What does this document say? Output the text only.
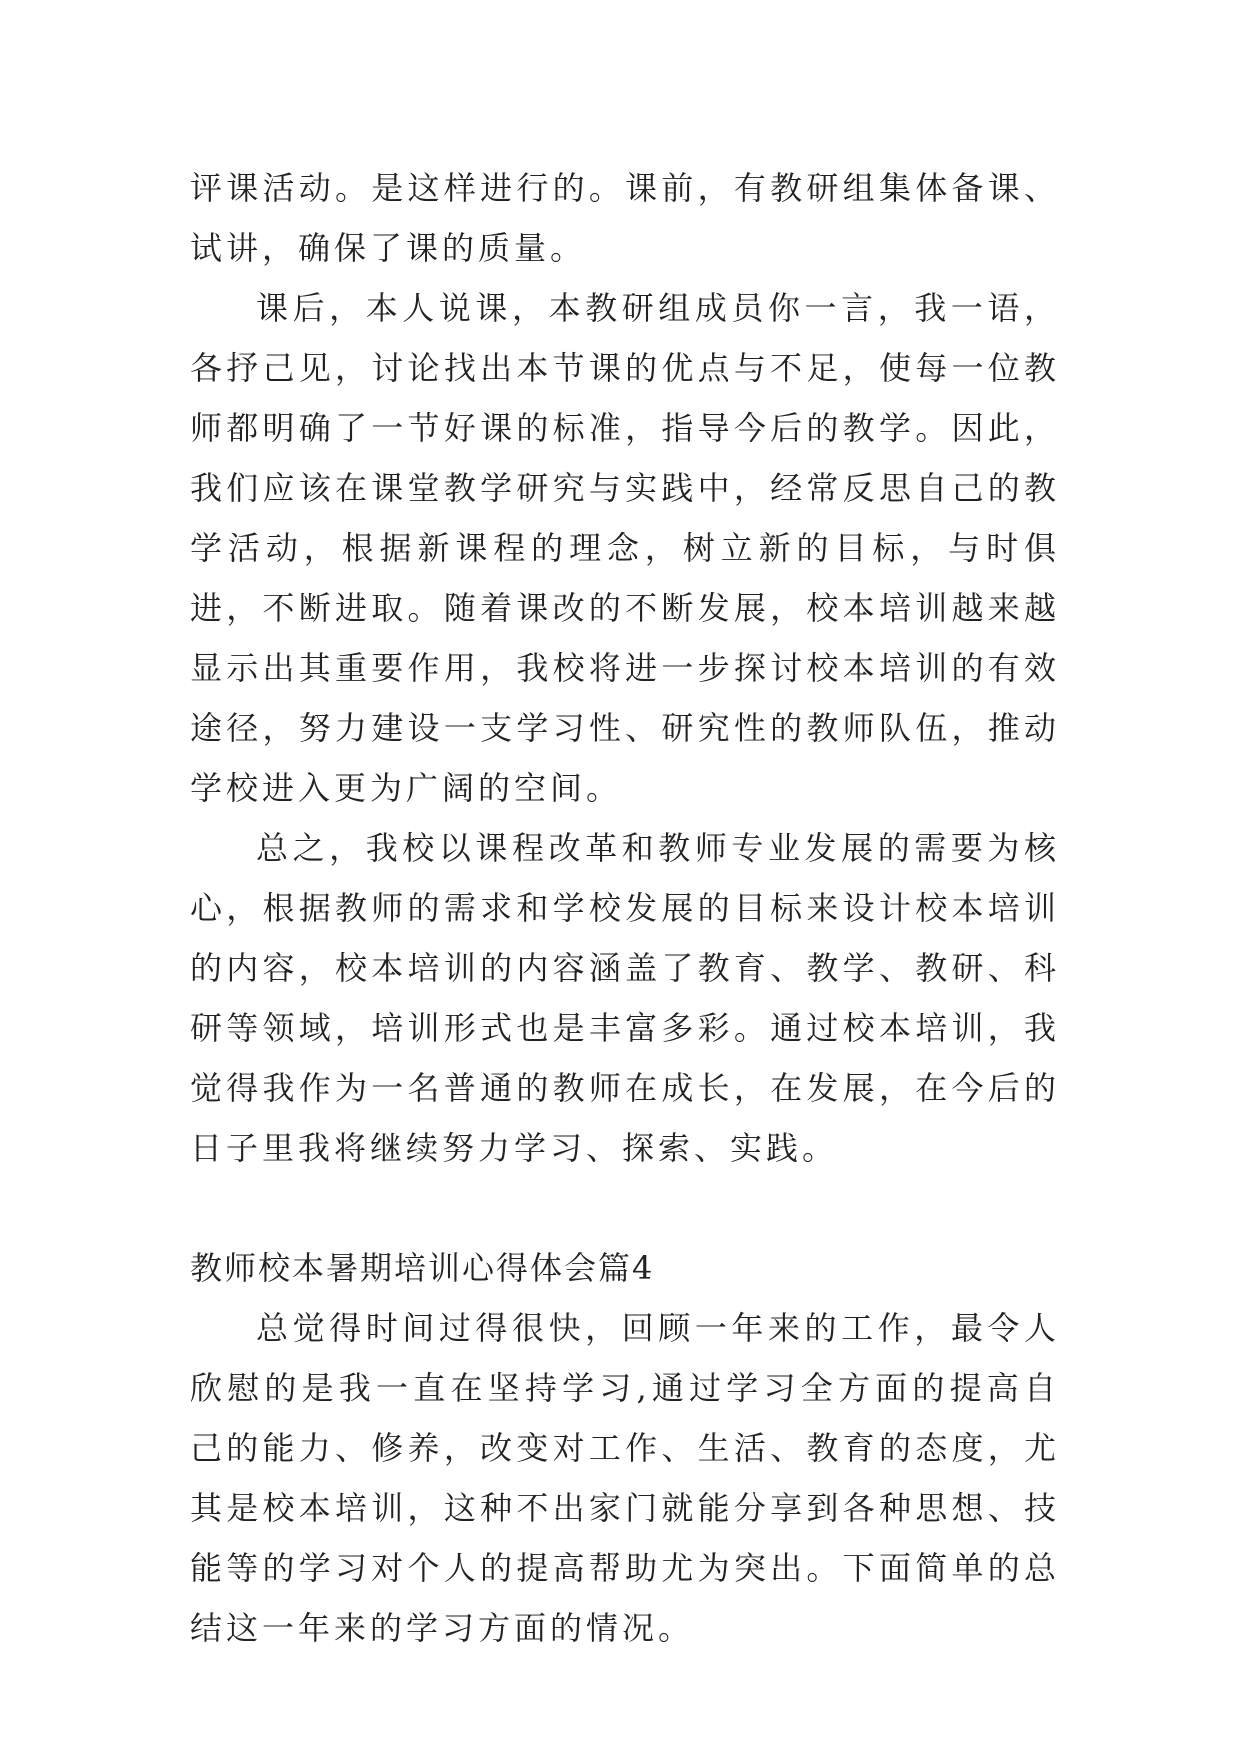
评课活动。是这样进行的。课前，有教研组集体备课、试讲，确保了课的质量。

课后，本人说课，本教研组成员你一言，我一语，各抒己见，讨论找出本节课的优点与不足，使每一位教师都明确了一节好课的标准，指导今后的教学。因此，我们应该在课堂教学研究与实践中，经常反思自己的教学活动，根据新课程的理念，树立新的目标，与时俱进，不断进取。随着课改的不断发展，校本培训越来越显示出其重要作用，我校将进一步探讨校本培训的有效途径，努力建设一支学习性、研究性的教师队伍，推动学校进入更为广阔的空间。

总之，我校以课程改革和教师专业发展的需要为核心，根据教师的需求和学校发展的目标来设计校本培训的内容，校本培训的内容涵盖了教育、教学、教研、科研等领域，培训形式也是丰富多彩。通过校本培训，我觉得我作为一名普通的教师在成长，在发展，在今后的日子里我将继续努力学习、探索、实践。

教师校本暑期培训心得体会篇4

总觉得时间过得很快，回顾一年来的工作，最令人欣慰的是我一直在坚持学习,通过学习全方面的提高自己的能力、修养，改变对工作、生活、教育的态度，尤其是校本培训，这种不出家门就能分享到各种思想、技能等的学习对个人的提高帮助尤为突出。下面简单的总结这一年来的学习方面的情况。
